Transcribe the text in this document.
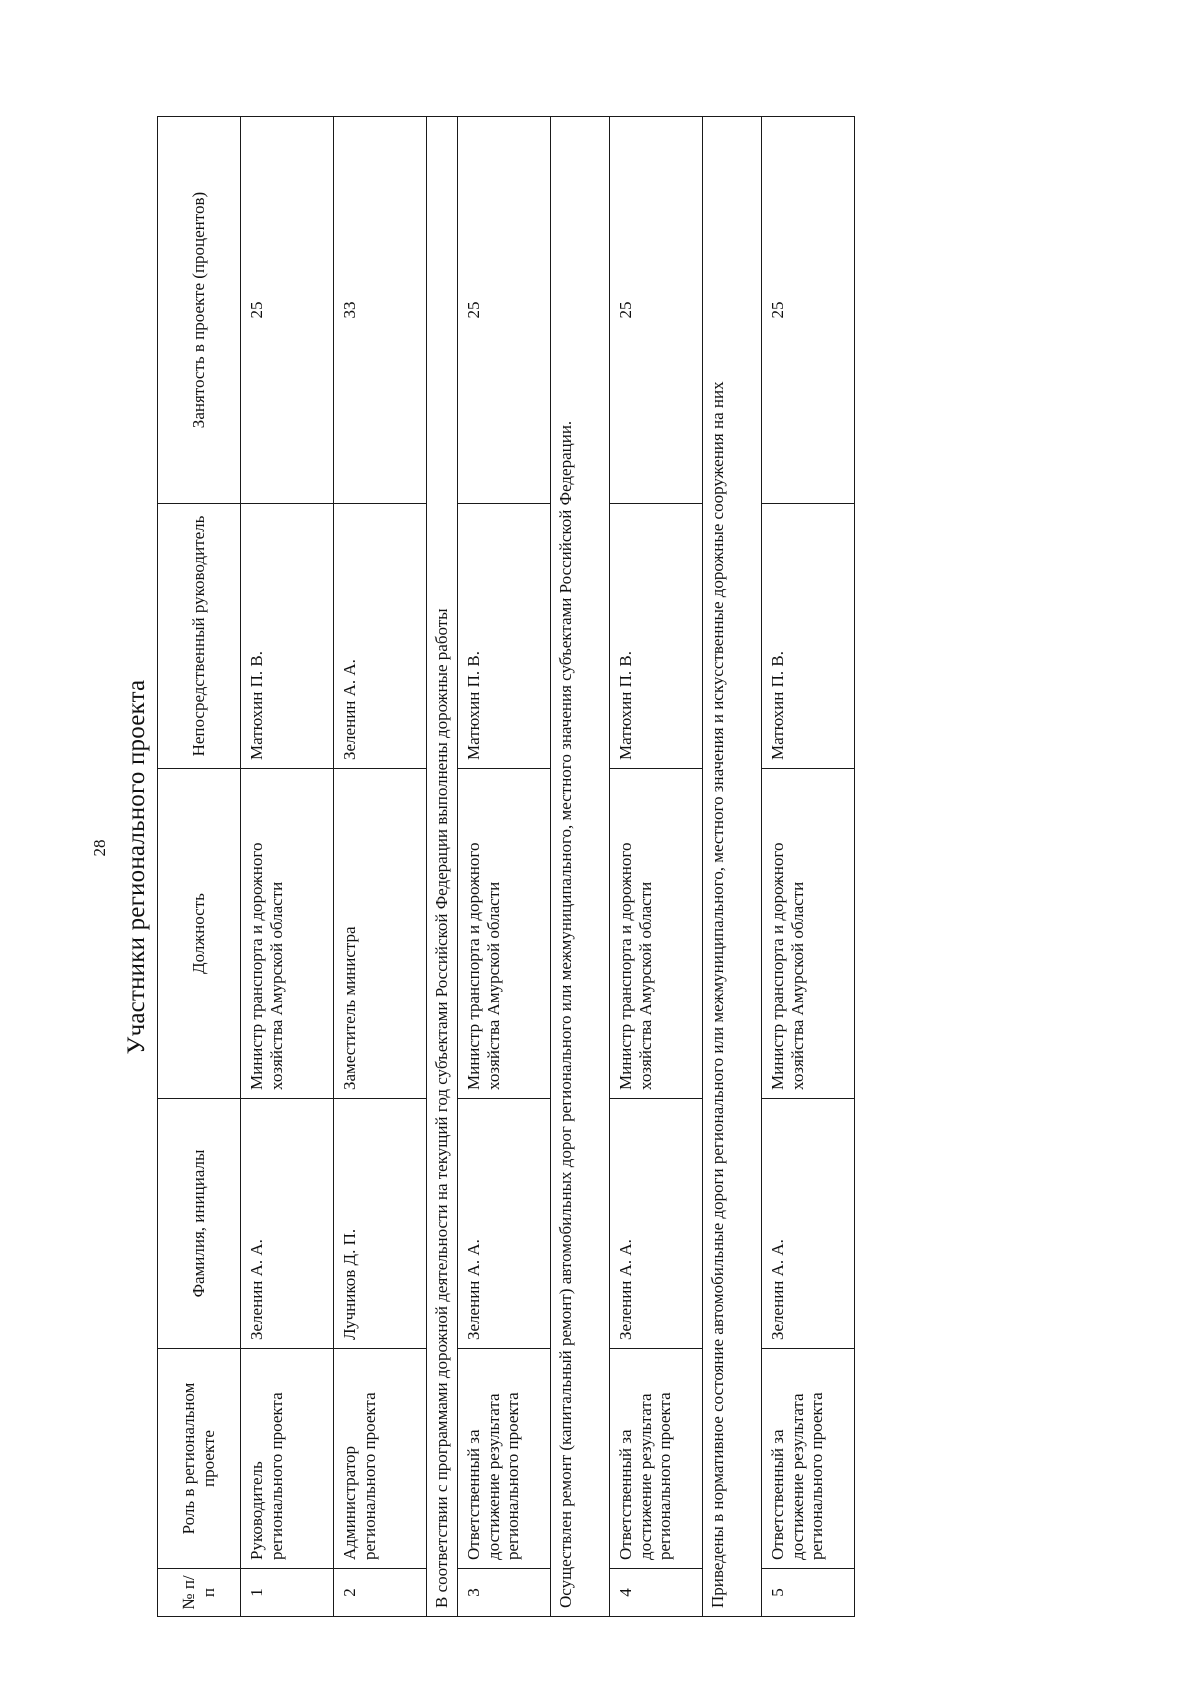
28 Участники регионального проекта
№ п/п	Роль в региональном проекте	Фамилия, инициалы	Должность	Непосредственный руководитель	Занятость в проекте (процентов)
1	Руководитель регионального проекта	Зеленин А. А.	Министр транспорта и дорожного хозяйства Амурской области	Матюхин П. В.	25
2	Администратор регионального проекта	Лучников Д. П.	Заместитель министра	Зеленин А. А.	33
В соответствии с программами дорожной деятельности на текущий год субъектами Российской Федерации выполнены дорожные работы					
3	Ответственный за достижение результата регионального проекта	Зеленин А. А.	Министр транспорта и дорожного хозяйства Амурской области	Матюхин П. В.	25
Осуществлен ремонт (капитальный ремонт) автомобильных дорог регионального или межмуниципального, местного значения субъектами Российской Федерации.					
4	Ответственный за достижение результата регионального проекта	Зеленин А. А.	Министр транспорта и дорожного хозяйства Амурской области	Матюхин П. В.	25
Приведены в нормативное состояние автомобильные дороги регионального или межмуниципального, местного значения и искусственные дорожные сооружения на них					
5	Ответственный за достижение результата регионального проекта	Зеленин А. А.	Министр транспорта и дорожного хозяйства Амурской области	Матюхин П. В.	25
